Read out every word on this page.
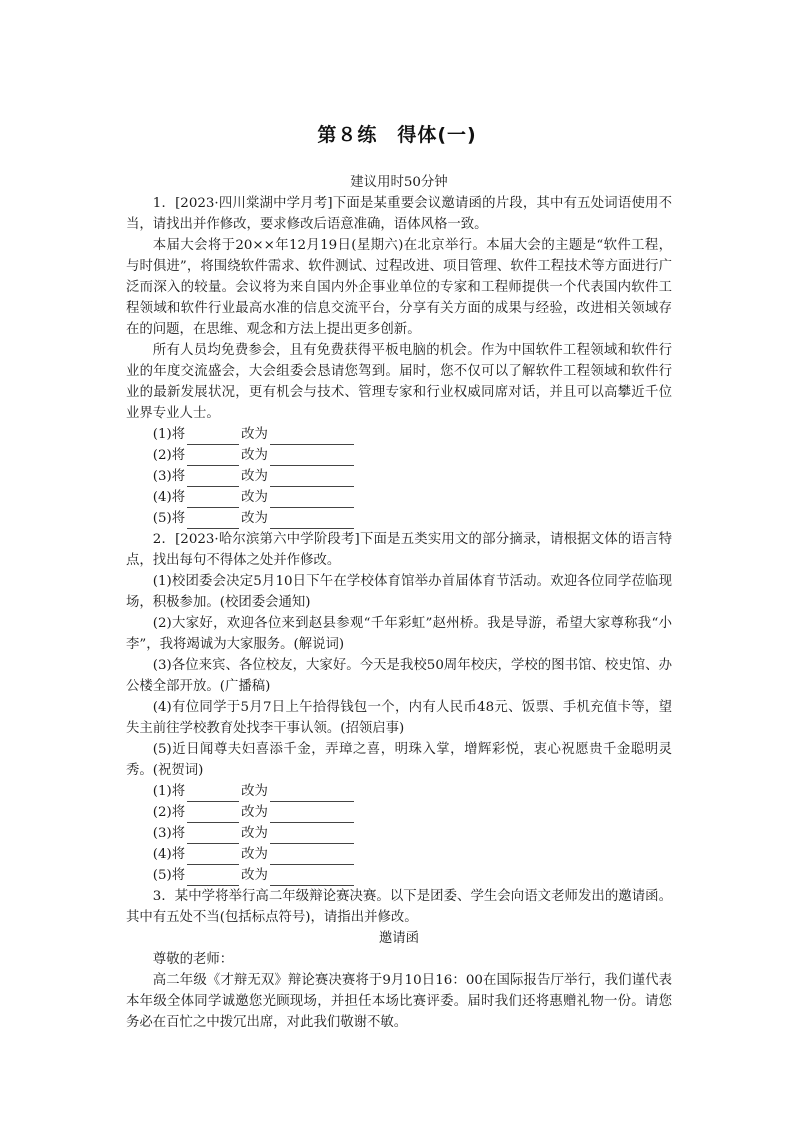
第８练　得体(一)

建议用时50分钟

1．[2023·四川棠湖中学月考]下面是某重要会议邀请函的片段，其中有五处词语使用不当，请找出并作修改，要求修改后语意准确，语体风格一致。

本届大会将于20××年12月19日(星期六)在北京举行。本届大会的主题是“软件工程，与时俱进”，将围绕软件需求、软件测试、过程改进、项目管理、软件工程技术等方面进行广泛而深入的较量。会议将为来自国内外企事业单位的专家和工程师提供一个代表国内软件工程领域和软件行业最高水准的信息交流平台，分享有关方面的成果与经验，改进相关领域存在的问题，在思维、观念和方法上提出更多创新。

所有人员均免费参会，且有免费获得平板电脑的机会。作为中国软件工程领域和软件行业的年度交流盛会，大会组委会恳请您驾到。届时，您不仅可以了解软件工程领域和软件行业的最新发展状况，更有机会与技术、管理专家和行业权威同席对话，并且可以高攀近千位业界专业人士。

(1)将	改为
(2)将	改为
(3)将	改为
(4)将	改为
(5)将	改为

2．[2023·哈尔滨第六中学阶段考]下面是五类实用文的部分摘录，请根据文体的语言特点，找出每句不得体之处并作修改。

(1)校团委会决定5月10日下午在学校体育馆举办首届体育节活动。欢迎各位同学莅临现场，积极参加。(校团委会通知)

(2)大家好，欢迎各位来到赵县参观“千年彩虹”赵州桥。我是导游，希望大家尊称我“小李”，我将竭诚为大家服务。(解说词)

(3)各位来宾、各位校友，大家好。今天是我校50周年校庆，学校的图书馆、校史馆、办公楼全部开放。(广播稿)

(4)有位同学于5月7日上午拾得钱包一个，内有人民币48元、饭票、手机充值卡等，望失主前往学校教育处找李干事认领。(招领启事)

(5)近日闻尊夫妇喜添千金，弄璋之喜，明珠入掌，增辉彩悦，衷心祝愿贵千金聪明灵秀。(祝贺词)

(1)将	改为
(2)将	改为
(3)将	改为
(4)将	改为
(5)将	改为

3．某中学将举行高二年级辩论赛决赛。以下是团委、学生会向语文老师发出的邀请函。其中有五处不当(包括标点符号)，请指出并修改。

邀请函

尊敬的老师：

高二年级《才辩无双》辩论赛决赛将于9月10日16：00在国际报告厅举行，我们谨代表本年级全体同学诚邀您光顾现场，并担任本场比赛评委。届时我们还将惠赠礼物一份。请您务必在百忙之中拨冗出席，对此我们敬谢不敏。
